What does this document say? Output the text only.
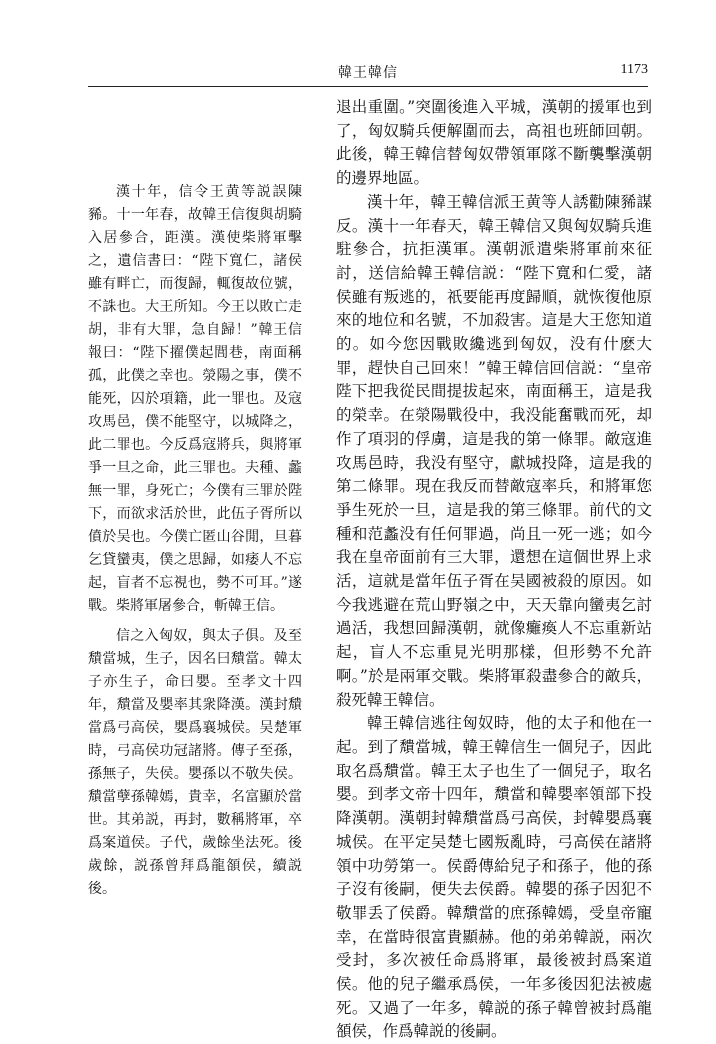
韓王韓信	1173

漢十年，信令王黄等説誤陳豨。十一年春，故韓王信復與胡騎入居參合，距漢。漢使柴將軍擊之，遺信書曰：“陛下寬仁，諸侯雖有畔亡，而復歸，輒復故位號，不誅也。大王所知。今王以敗亡走胡，非有大罪，急自歸！”韓王信報曰：“陛下擢僕起閭巷，南面稱孤，此僕之幸也。滎陽之事，僕不能死，囚於項籍，此一罪也。及寇攻馬邑，僕不能堅守，以城降之，此二罪也。今反爲寇將兵，與將軍爭一旦之命，此三罪也。夫種、蠡無一罪，身死亡；今僕有三罪於陛下，而欲求活於世，此伍子胥所以僨於吴也。今僕亡匿山谷閒，旦暮乞貸蠻夷，僕之思歸，如痿人不忘起，盲者不忘視也，勢不可耳。”遂戰。柴將軍屠參合，斬韓王信。

信之入匈奴，與太子俱。及至穨當城，生子，因名曰穨當。韓太子亦生子，命曰嬰。至孝文十四年，穨當及嬰率其衆降漢。漢封穨當爲弓高侯，嬰爲襄城侯。吴楚軍時，弓高侯功冠諸將。傳子至孫，孫無子，失侯。嬰孫以不敬失侯。穨當孽孫韓嫣，貴幸，名富顯於當世。其弟説，再封，數稱將軍，卒爲案道侯。子代，歲餘坐法死。後歲餘，説孫曾拜爲龍頟侯，續説後。

退出重圍。”突圍後進入平城，漢朝的援軍也到了，匈奴騎兵便解圍而去，高祖也班師回朝。此後，韓王韓信替匈奴帶領軍隊不斷襲擊漢朝的邊界地區。

漢十年，韓王韓信派王黄等人誘勸陳豨謀反。漢十一年春天，韓王韓信又與匈奴騎兵進駐參合，抗拒漢軍。漢朝派遣柴將軍前來征討，送信給韓王韓信説：“陛下寬和仁愛，諸侯雖有叛逃的，祇要能再度歸順，就恢復他原來的地位和名號，不加殺害。這是大王您知道的。如今您因戰敗纔逃到匈奴，没有什麽大罪，趕快自己回來！”韓王韓信回信説：“皇帝陛下把我從民間提拔起來，南面稱王，這是我的榮幸。在滎陽戰役中，我没能奮戰而死，却作了項羽的俘虜，這是我的第一條罪。敵寇進攻馬邑時，我没有堅守，獻城投降，這是我的第二條罪。現在我反而替敵寇率兵，和將軍您爭生死於一旦，這是我的第三條罪。前代的文種和范蠡没有任何罪過，尚且一死一逃；如今我在皇帝面前有三大罪，還想在這個世界上求活，這就是當年伍子胥在吴國被殺的原因。如今我逃避在荒山野嶺之中，天天靠向蠻夷乞討過活，我想回歸漢朝，就像癱瘓人不忘重新站起，盲人不忘重見光明那樣，但形勢不允許啊。”於是兩軍交戰。柴將軍殺盡參合的敵兵，殺死韓王韓信。

韓王韓信逃往匈奴時，他的太子和他在一起。到了穨當城，韓王韓信生一個兒子，因此取名爲穨當。韓王太子也生了一個兒子，取名嬰。到孝文帝十四年，穨當和韓嬰率領部下投降漢朝。漢朝封韓穨當爲弓高侯，封韓嬰爲襄城侯。在平定吴楚七國叛亂時，弓高侯在諸將領中功勞第一。侯爵傳給兒子和孫子，他的孫子沒有後嗣，便失去侯爵。韓嬰的孫子因犯不敬罪丢了侯爵。韓穨當的庶孫韓嫣，受皇帝寵幸，在當時很富貴顯赫。他的弟弟韓説，兩次受封，多次被任命爲將軍，最後被封爲案道侯。他的兒子繼承爲侯，一年多後因犯法被處死。又過了一年多，韓説的孫子韓曾被封爲龍頟侯，作爲韓説的後嗣。
